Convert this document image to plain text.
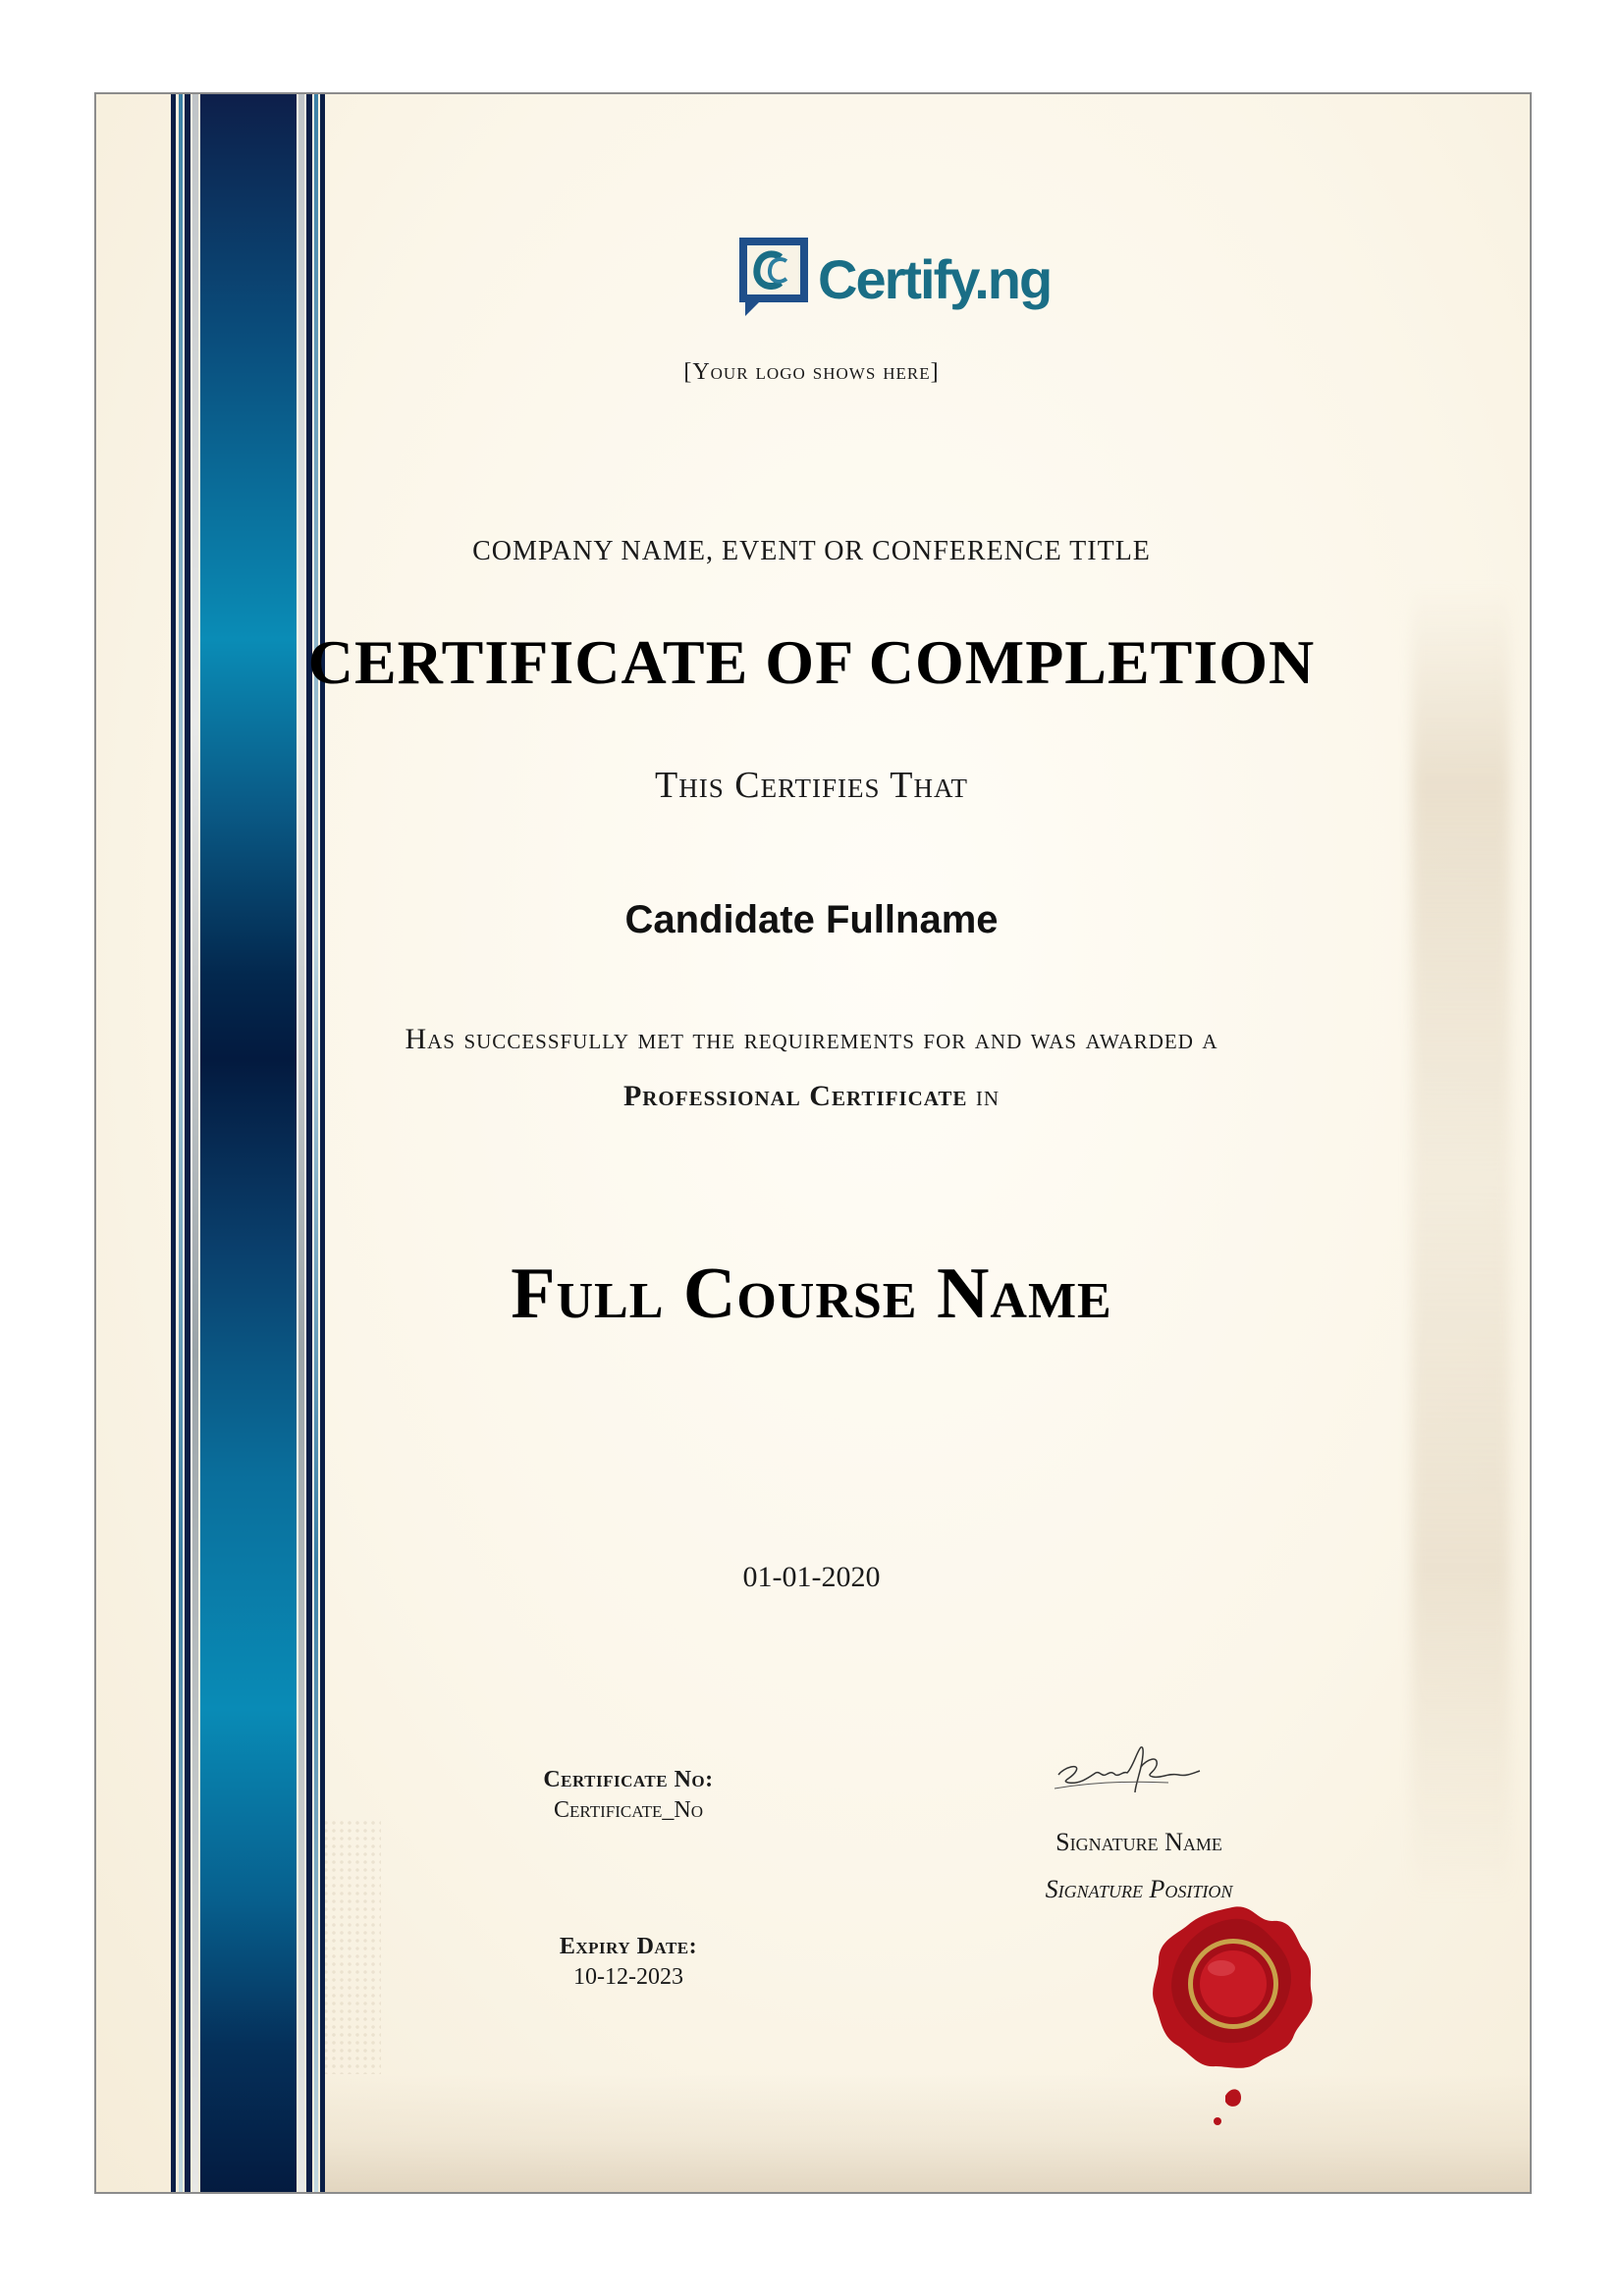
Certify.ng
[Your logo shows here]
COMPANY NAME, EVENT OR CONFERENCE TITLE
CERTIFICATE OF COMPLETION
This Certifies That
Candidate Fullname
Has successfully met the requirements for and was awarded a
Professional Certificate in
Full Course Name
01-01-2020
Certificate No:
Certificate_No
Expiry Date:
10-12-2023
Signature Name
Signature Position
